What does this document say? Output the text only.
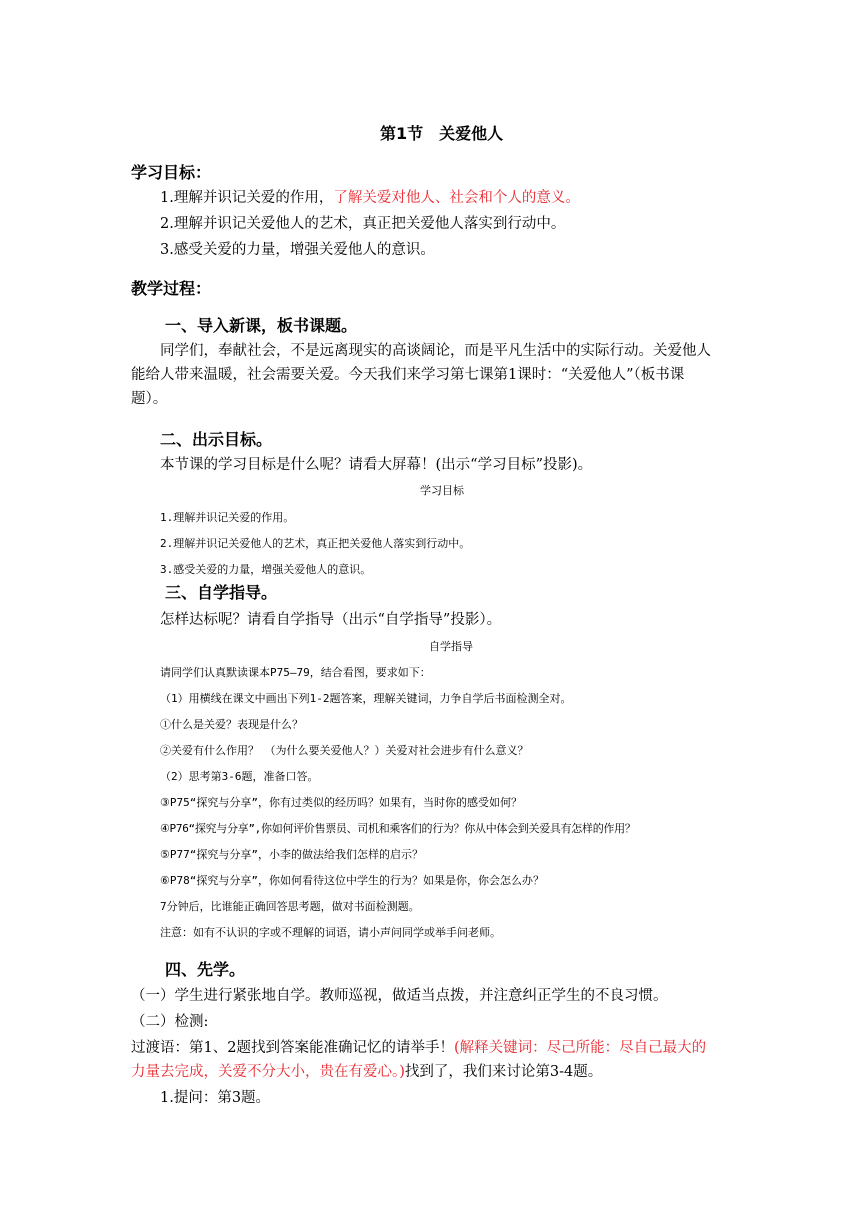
第1节　关爱他人
学习目标：
1.理解并识记关爱的作用，了解关爱对他人、社会和个人的意义。
2.理解并识记关爱他人的艺术，真正把关爱他人落实到行动中。
3.感受关爱的力量，增强关爱他人的意识。
教学过程：
一、导入新课，板书课题。
同学们，奉献社会，不是远离现实的高谈阔论，而是平凡生活中的实际行动。关爱他人
能给人带来温暖，社会需要关爱。今天我们来学习第七课第1课时：“关爱他人”（板书课
题）。
二、出示目标。
本节课的学习目标是什么呢？请看大屏幕！(出示“学习目标”投影)。
学习目标
1.理解并识记关爱的作用。
2.理解并识记关爱他人的艺术，真正把关爱他人落实到行动中。
3.感受关爱的力量，增强关爱他人的意识。
三、自学指导。
怎样达标呢？请看自学指导（出示“自学指导”投影）。
自学指导
请同学们认真默读课本P75—79，结合看图，要求如下：
（1）用横线在课文中画出下列1-2题答案，理解关键词，力争自学后书面检测全对。
①什么是关爱？表现是什么？
②关爱有什么作用？　（为什么要关爱他人？）关爱对社会进步有什么意义？
（2）思考第3-6题，准备口答。
③P75“探究与分享”，你有过类似的经历吗？如果有，当时你的感受如何？
④P76“探究与分享”,你如何评价售票员、司机和乘客们的行为？你从中体会到关爱具有怎样的作用？
⑤P77“探究与分享”，小李的做法给我们怎样的启示？
⑥P78“探究与分享”，你如何看待这位中学生的行为？如果是你，你会怎么办？
7分钟后，比谁能正确回答思考题，做对书面检测题。
注意：如有不认识的字或不理解的词语，请小声问同学或举手问老师。
四、先学。
（一）学生进行紧张地自学。教师巡视，做适当点拨，并注意纠正学生的不良习惯。
（二）检测:
过渡语：第1、2题找到答案能准确记忆的请举手！(解释关键词：尽己所能：尽自己最大的
力量去完成，关爱不分大小，贵在有爱心。)找到了，我们来讨论第3-4题。
1.提问：第3题。
